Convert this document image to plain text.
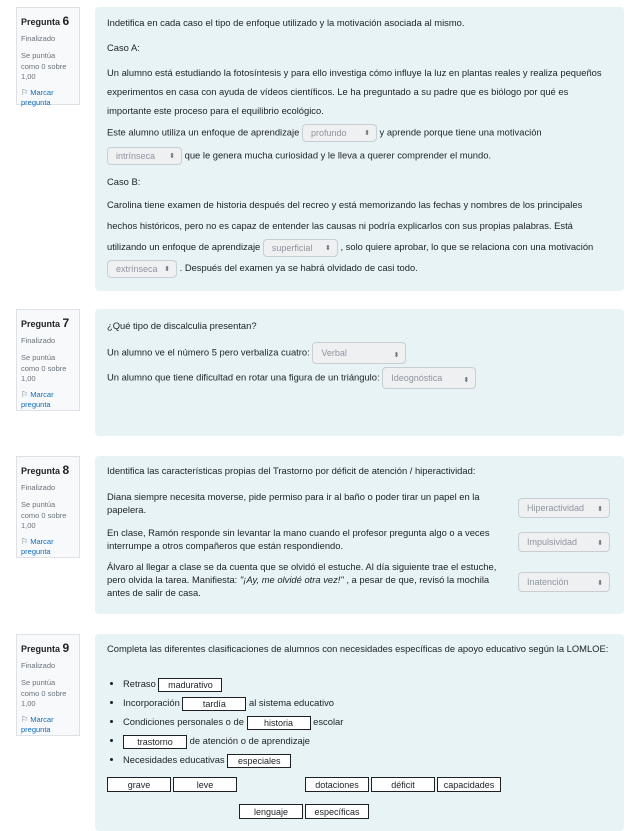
Pregunta 6
Finalizado
Se puntúa como 0 sobre 1,00
⚐ Marcar pregunta
Indetifica en cada caso el tipo de enfoque utilizado y la motivación asociada al mismo.
Caso A:
Un alumno está estudiando la fotosíntesis y para ello investiga cómo influye la luz en plantas reales y realiza pequeños experimentos en casa con ayuda de vídeos científicos. Le ha preguntado a su padre que es biólogo por qué es importante este proceso para el equilibrio ecológico.
Este alumno utiliza un enfoque de aprendizaje profundo	⬍ y aprende porque tiene una motivación
intrínseca ⬍ que le genera mucha curiosidad y le lleva a querer comprender el mundo.
Caso B:
Carolina tiene examen de historia después del recreo y está memorizando las fechas y nombres de los principales hechos históricos, pero no es capaz de entender las causas ni podría explicarlos con sus propias palabras. Está utilizando un enfoque de aprendizaje superficial ⬍ , solo quiere aprobar, lo que se relaciona con una motivación extrínseca ⬍ . Después del examen ya se habrá olvidado de casi todo.
Pregunta 7
Finalizado
Se puntúa como 0 sobre 1,00
⚐ Marcar pregunta
¿Qué tipo de discalculia presentan?
Un alumno ve el número 5 pero verbaliza cuatro: Verbal	⬍
Un alumno que tiene dificultad en rotar una figura de un triángulo: Ideognóstica	⬍
Pregunta 8
Finalizado
Se puntúa como 0 sobre 1,00
⚐ Marcar pregunta
Identifica las características propias del Trastorno por déficit de atención / hiperactividad:
Diana siempre necesita moverse, pide permiso para ir al baño o poder tirar un papel en la papelera.	Hiperactividad ⬍
En clase, Ramón responde sin levantar la mano cuando el profesor pregunta algo o a veces interrumpe a otros compañeros que están respondiendo.	Impulsividad	⬍
Álvaro al llegar a clase se da cuenta que se olvidó el estuche. Al día siguiente trae el estuche, pero olvida la tarea. Manifiesta: "¡Ay, me olvidé otra vez!" , a pesar de que, revisó la mochila antes de salir de casa.
Inatención	⬍
Pregunta 9
Finalizado
Se puntúa como 0 sobre 1,00
⚐ Marcar pregunta
Completa las diferentes clasificaciones de alumnos con necesidades específicas de apoyo educativo según la LOMLOE:
• Retraso madurativo
• Incorporación	tardía al sistema educativo
• Condiciones personales o de historia escolar
• trastorno de atención o de aprendizaje
• Necesidades educativas especiales
grave	leve	dotaciones	déficit	capacidades
lenguaje	específicas
